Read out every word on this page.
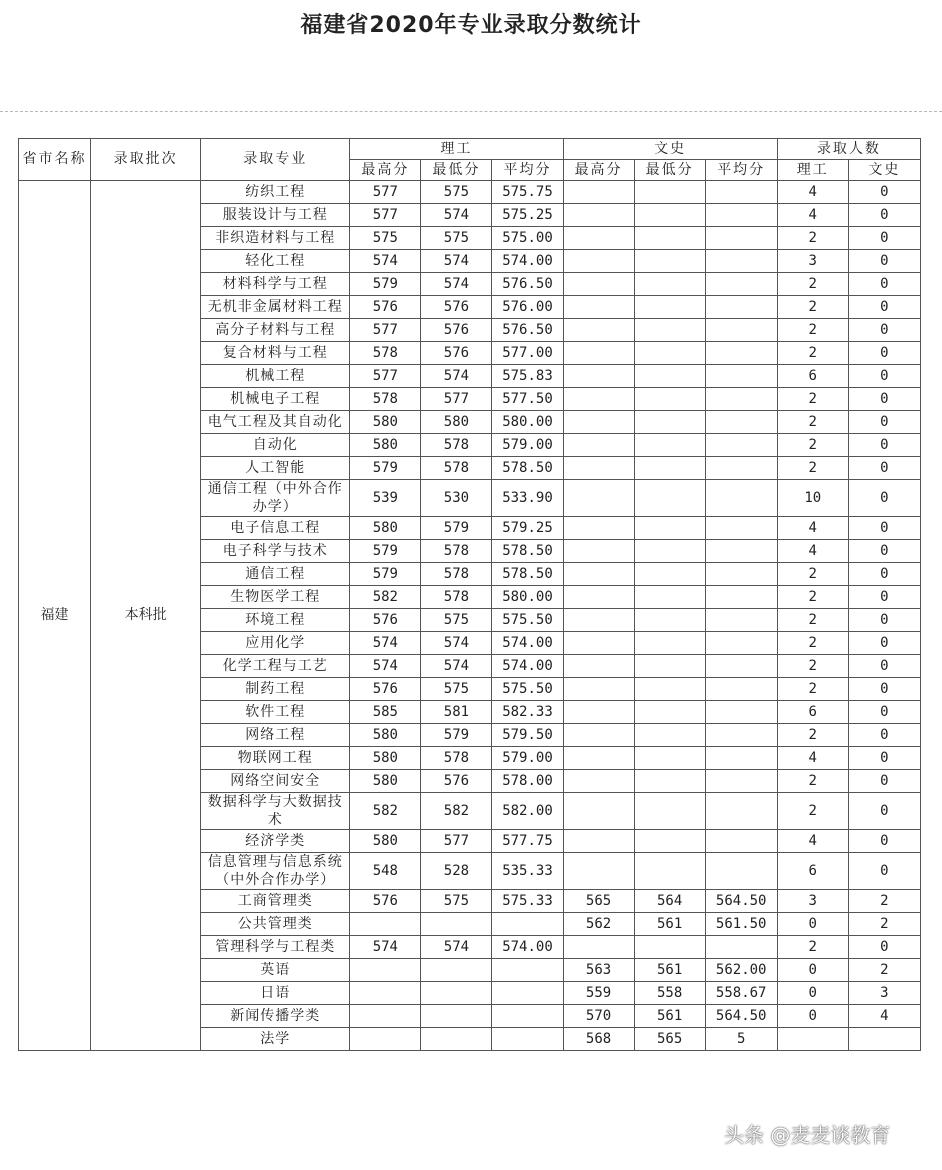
福建省2020年专业录取分数统计
省市名称	录取批次	录取专业	理工			文史			录取人数	
			最高分	最低分	平均分	最高分	最低分	平均分	理工	文史
福建	本科批	纺织工程	577	575	575.75				4	0
		服装设计与工程	577	574	575.25				4	0
		非织造材料与工程	575	575	575.00				2	0
		轻化工程	574	574	574.00				3	0
		材料科学与工程	579	574	576.50				2	0
		无机非金属材料工程	576	576	576.00				2	0
		高分子材料与工程	577	576	576.50				2	0
		复合材料与工程	578	576	577.00				2	0
		机械工程	577	574	575.83				6	0
		机械电子工程	578	577	577.50				2	0
		电气工程及其自动化	580	580	580.00				2	0
		自动化	580	578	579.00				2	0
		人工智能	579	578	578.50				2	0
		通信工程（中外合作办学）	539	530	533.90				10	0
		电子信息工程	580	579	579.25				4	0
		电子科学与技术	579	578	578.50				4	0
		通信工程	579	578	578.50				2	0
		生物医学工程	582	578	580.00				2	0
		环境工程	576	575	575.50				2	0
		应用化学	574	574	574.00				2	0
		化学工程与工艺	574	574	574.00				2	0
		制药工程	576	575	575.50				2	0
		软件工程	585	581	582.33				6	0
		网络工程	580	579	579.50				2	0
		物联网工程	580	578	579.00				4	0
		网络空间安全	580	576	578.00				2	0
		数据科学与大数据技术	582	582	582.00				2	0
		经济学类	580	577	577.75				4	0
		信息管理与信息系统（中外合作办学）	548	528	535.33				6	0
		工商管理类	576	575	575.33	565	564	564.50	3	2
		公共管理类				562	561	561.50	0	2
		管理科学与工程类	574	574	574.00				2	0
		英语				563	561	562.00	0	2
		日语				559	558	558.67	0	3
		新闻传播学类				570	561	564.50	0	4
		法学				568	565	5		
头条 @麦麦谈教育
